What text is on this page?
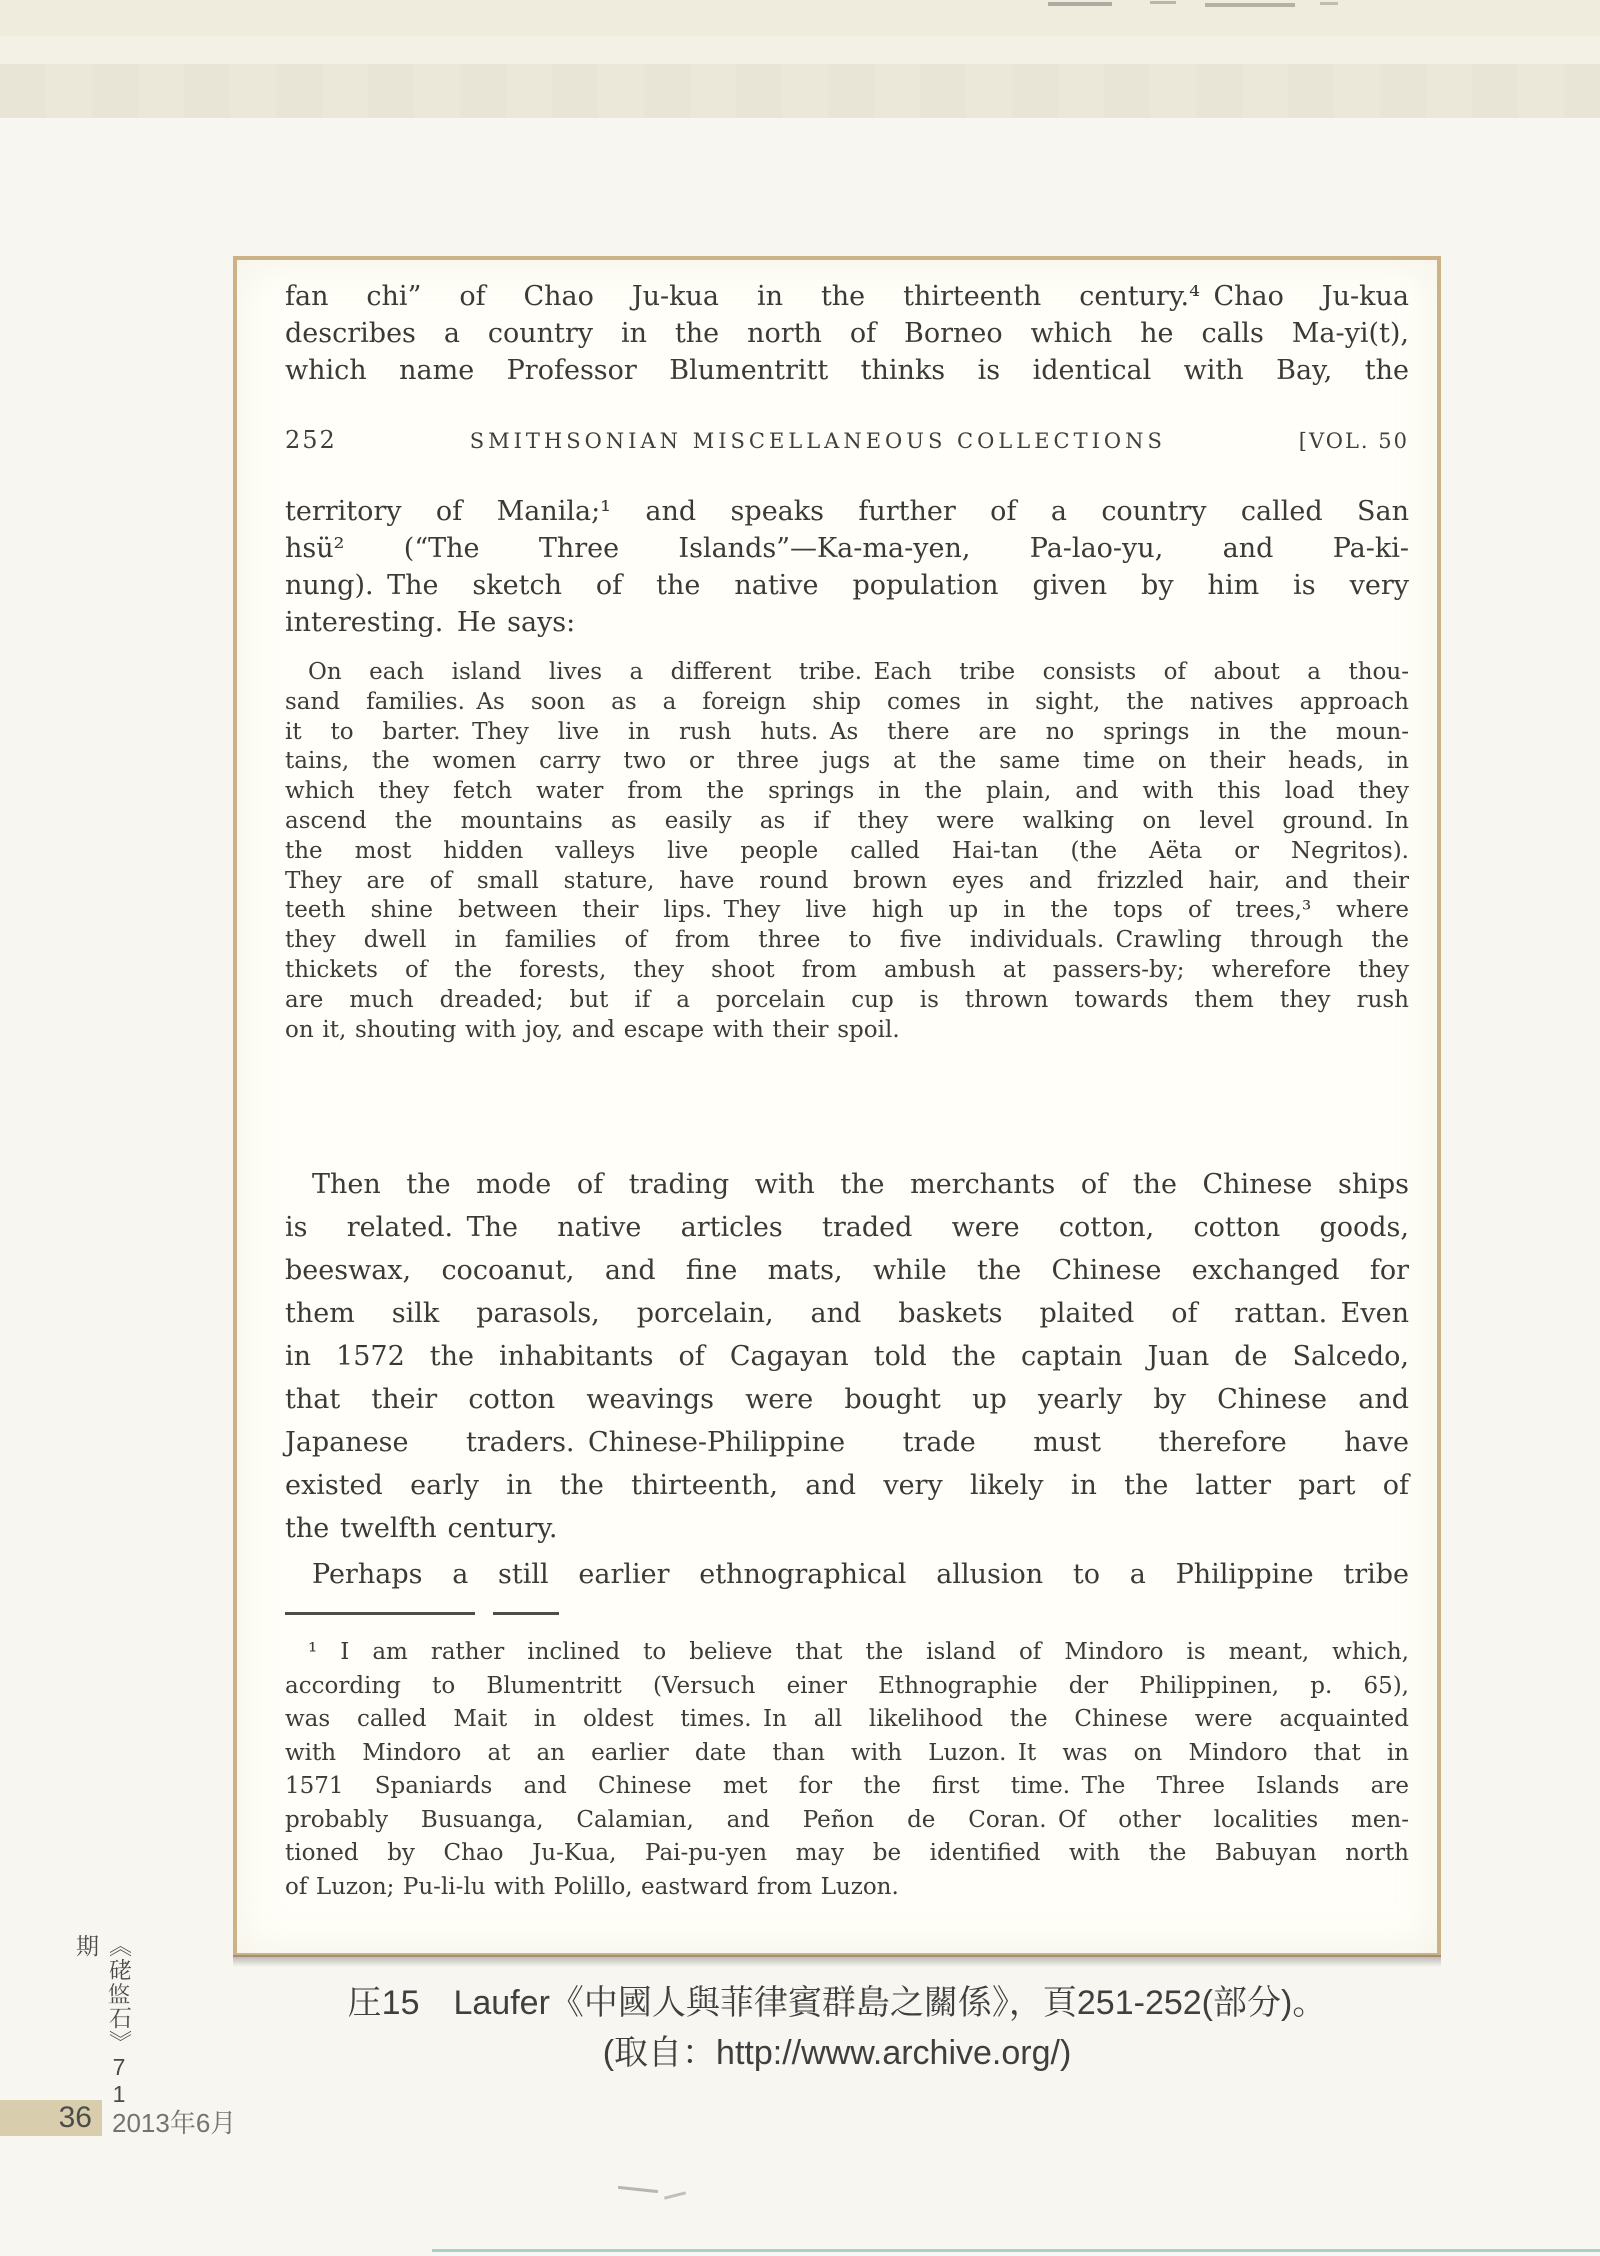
fan chi” of Chao Ju-kua in the thirteenth century.⁴ Chao Ju-kua
describes a country in the north of Borneo which he calls Ma-yi(t),
which name Professor Blumentritt thinks is identical with Bay, the
252	SMITHSONIAN MISCELLANEOUS COLLECTIONS	[VOL. 50
territory of Manila;¹ and speaks further of a country called San
hsü² (“The Three Islands”—Ka-ma-yen, Pa-lao-yu, and Pa-ki-
nung). The sketch of the native population given by him is very
interesting. He says:
 On each island lives a different tribe. Each tribe consists of about a thou-
sand families. As soon as a foreign ship comes in sight, the natives approach
it to barter. They live in rush huts. As there are no springs in the moun-
tains, the women carry two or three jugs at the same time on their heads, in
which they fetch water from the springs in the plain, and with this load they
ascend the mountains as easily as if they were walking on level ground. In
the most hidden valleys live people called Hai-tan (the Aëta or Negritos).
They are of small stature, have round brown eyes and frizzled hair, and their
teeth shine between their lips. They live high up in the tops of trees,³ where
they dwell in families of from three to five individuals. Crawling through the
thickets of the forests, they shoot from ambush at passers-by; wherefore they
are much dreaded; but if a porcelain cup is thrown towards them they rush
on it, shouting with joy, and escape with their spoil.
 Then the mode of trading with the merchants of the Chinese ships
is related. The native articles traded were cotton, cotton goods,
beeswax, cocoanut, and fine mats, while the Chinese exchanged for
them silk parasols, porcelain, and baskets plaited of rattan. Even
in 1572 the inhabitants of Cagayan told the captain Juan de Salcedo,
that their cotton weavings were bought up yearly by Chinese and
Japanese traders. Chinese-Philippine trade must therefore have
existed early in the thirteenth, and very likely in the latter part of
the twelfth century.
 Perhaps a still earlier ethnographical allusion to a Philippine tribe
 ¹ I am rather inclined to believe that the island of Mindoro is meant, which,
according to Blumentritt (Versuch einer Ethnographie der Philippinen, p. 65),
was called Mait in oldest times. In all likelihood the Chinese were acquainted
with Mindoro at an earlier date than with Luzon. It was on Mindoro that in
1571 Spaniards and Chinese met for the first time. The Three Islands are
probably Busuanga, Calamian, and Peñon de Coran. Of other localities men-
tioned by Chao Ju-Kua, Pai-pu-yen may be identified with the Babuyan north
of Luzon; Pu-li-lu with Polillo, eastward from Luzon.
圧15　Laufer《中國人與菲律賓群島之關係》，頁251-252(部分)。
(取自：http://www.archive.org/)
《硓𥁮石》71期
36 2013年6月
